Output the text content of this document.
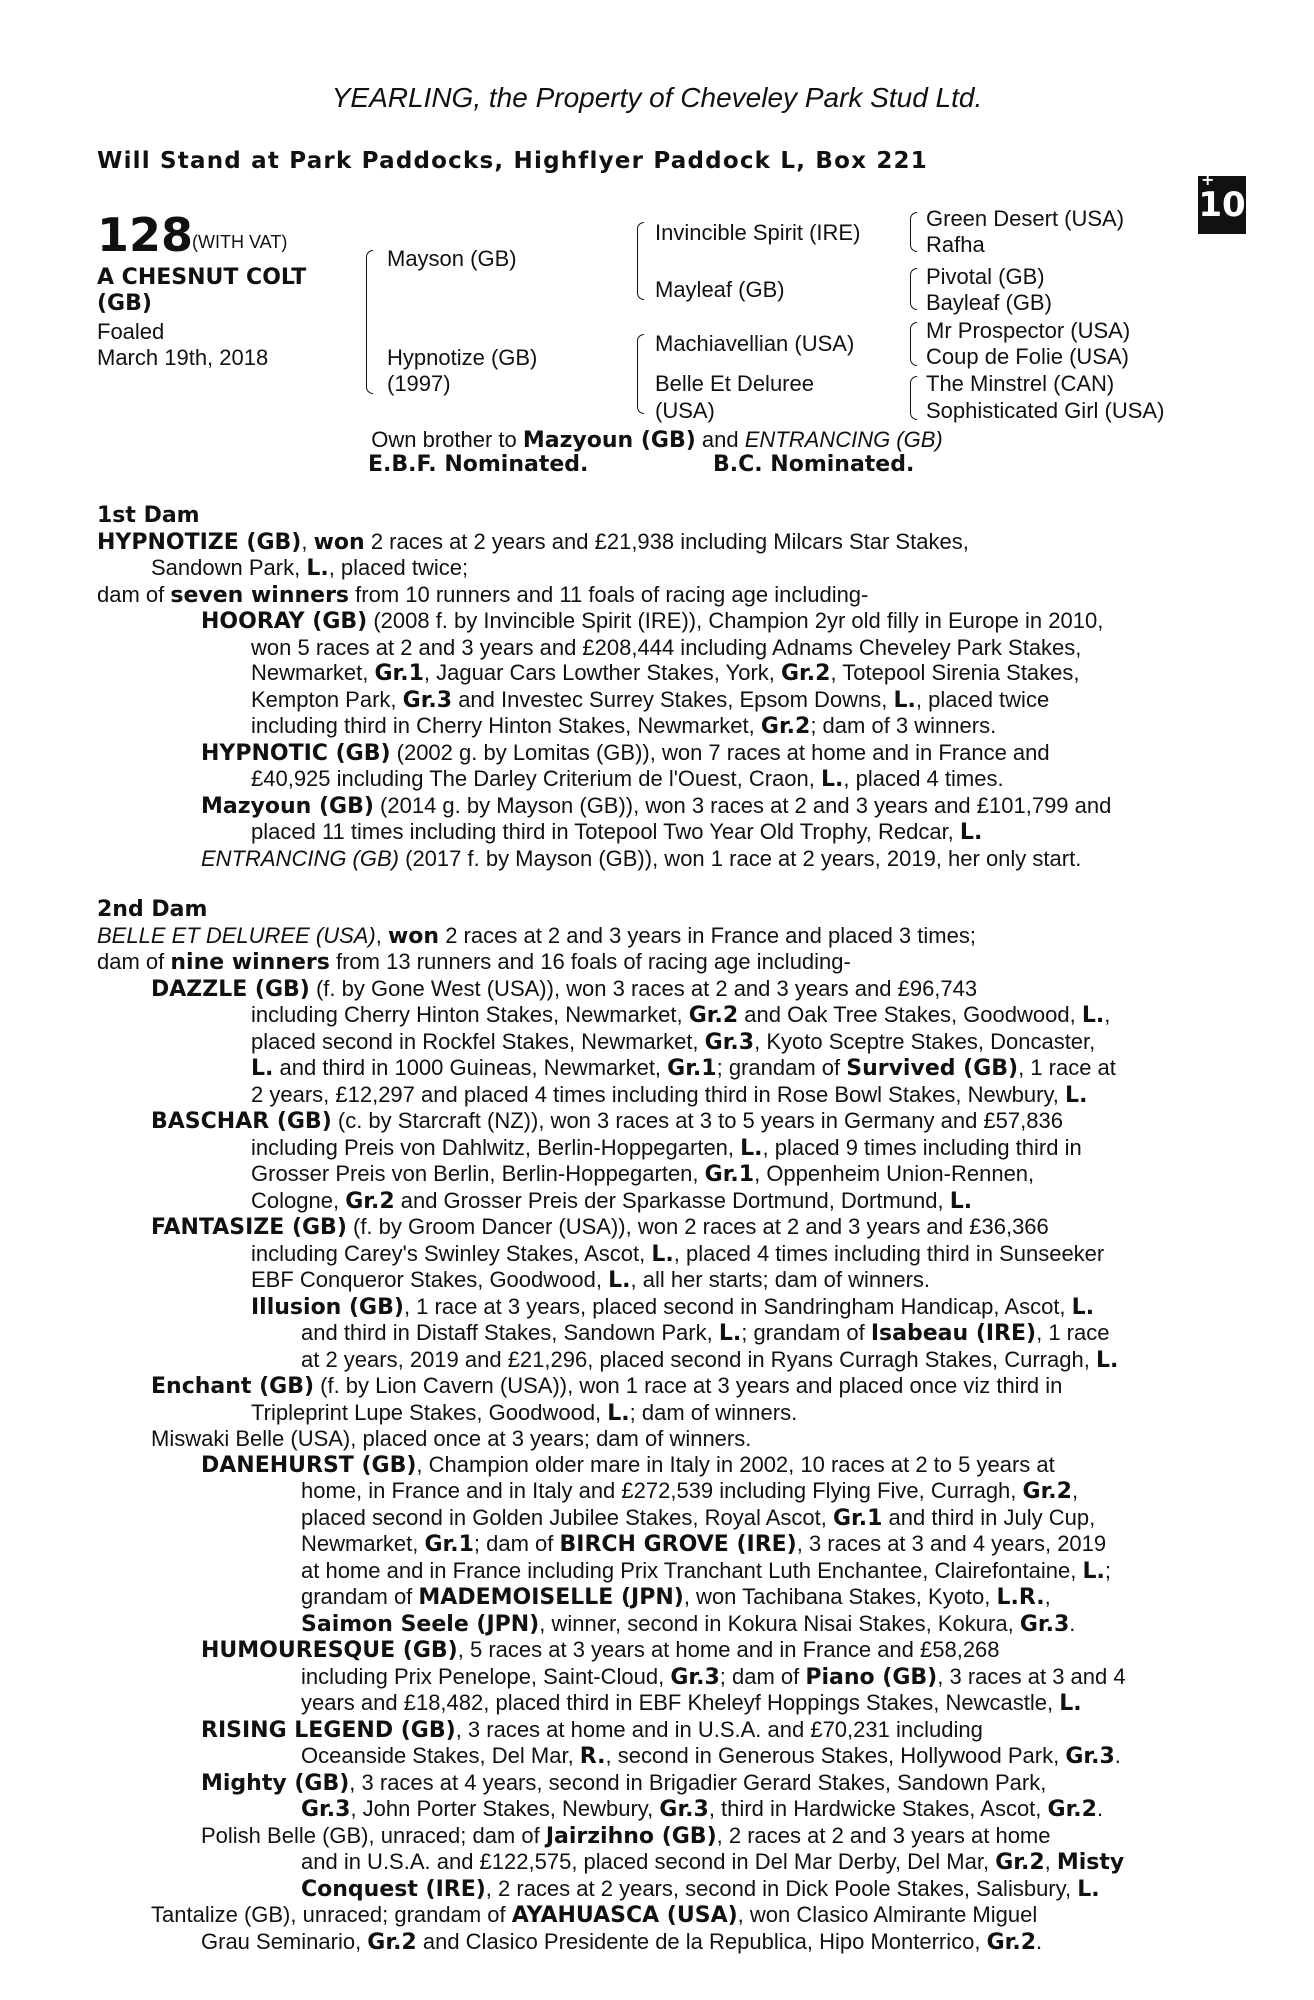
YEARLING, the Property of Cheveley Park Stud Ltd.
Will Stand at Park Paddocks, Highflyer Paddock L, Box 221
+
10
128
(WITH VAT)
A CHESNUT COLT
(GB)
Foaled
March 19th, 2018
Mayson (GB)
Hypnotize (GB)
(1997)
Invincible Spirit (IRE)
Mayleaf (GB)
Machiavellian (USA)
Belle Et Deluree
(USA)
Green Desert (USA)
Rafha
Pivotal (GB)
Bayleaf (GB)
Mr Prospector (USA)
Coup de Folie (USA)
The Minstrel (CAN)
Sophisticated Girl (USA)
Own brother to Mazyoun (GB) and ENTRANCING (GB)
E.B.F. Nominated.	B.C. Nominated.

1st Dam

HYPNOTIZE (GB), won 2 races at 2 years and £21,938 including Milcars Star Stakes,

Sandown Park, L., placed twice;

dam of seven winners from 10 runners and 11 foals of racing age including-

HOORAY (GB) (2008 f. by Invincible Spirit (IRE)), Champion 2yr old filly in Europe in 2010,

won 5 races at 2 and 3 years and £208,444 including Adnams Cheveley Park Stakes,

Newmarket, Gr.1, Jaguar Cars Lowther Stakes, York, Gr.2, Totepool Sirenia Stakes,

Kempton Park, Gr.3 and Investec Surrey Stakes, Epsom Downs, L., placed twice

including third in Cherry Hinton Stakes, Newmarket, Gr.2; dam of 3 winners.

HYPNOTIC (GB) (2002 g. by Lomitas (GB)), won 7 races at home and in France and

£40,925 including The Darley Criterium de l'Ouest, Craon, L., placed 4 times.

Mazyoun (GB) (2014 g. by Mayson (GB)), won 3 races at 2 and 3 years and £101,799 and

placed 11 times including third in Totepool Two Year Old Trophy, Redcar, L.

ENTRANCING (GB) (2017 f. by Mayson (GB)), won 1 race at 2 years, 2019, her only start.

2nd Dam

BELLE ET DELUREE (USA), won 2 races at 2 and 3 years in France and placed 3 times;

dam of nine winners from 13 runners and 16 foals of racing age including-

DAZZLE (GB) (f. by Gone West (USA)), won 3 races at 2 and 3 years and £96,743

including Cherry Hinton Stakes, Newmarket, Gr.2 and Oak Tree Stakes, Goodwood, L.,

placed second in Rockfel Stakes, Newmarket, Gr.3, Kyoto Sceptre Stakes, Doncaster,

L. and third in 1000 Guineas, Newmarket, Gr.1; grandam of Survived (GB), 1 race at

2 years, £12,297 and placed 4 times including third in Rose Bowl Stakes, Newbury, L.

BASCHAR (GB) (c. by Starcraft (NZ)), won 3 races at 3 to 5 years in Germany and £57,836

including Preis von Dahlwitz, Berlin-Hoppegarten, L., placed 9 times including third in

Grosser Preis von Berlin, Berlin-Hoppegarten, Gr.1, Oppenheim Union-Rennen,

Cologne, Gr.2 and Grosser Preis der Sparkasse Dortmund, Dortmund, L.

FANTASIZE (GB) (f. by Groom Dancer (USA)), won 2 races at 2 and 3 years and £36,366

including Carey's Swinley Stakes, Ascot, L., placed 4 times including third in Sunseeker

EBF Conqueror Stakes, Goodwood, L., all her starts; dam of winners.

Illusion (GB), 1 race at 3 years, placed second in Sandringham Handicap, Ascot, L.

and third in Distaff Stakes, Sandown Park, L.; grandam of Isabeau (IRE), 1 race

at 2 years, 2019 and £21,296, placed second in Ryans Curragh Stakes, Curragh, L.

Enchant (GB) (f. by Lion Cavern (USA)), won 1 race at 3 years and placed once viz third in

Tripleprint Lupe Stakes, Goodwood, L.; dam of winners.

Miswaki Belle (USA), placed once at 3 years; dam of winners.

DANEHURST (GB), Champion older mare in Italy in 2002, 10 races at 2 to 5 years at

home, in France and in Italy and £272,539 including Flying Five, Curragh, Gr.2,

placed second in Golden Jubilee Stakes, Royal Ascot, Gr.1 and third in July Cup,

Newmarket, Gr.1; dam of BIRCH GROVE (IRE), 3 races at 3 and 4 years, 2019

at home and in France including Prix Tranchant Luth Enchantee, Clairefontaine, L.;

grandam of MADEMOISELLE (JPN), won Tachibana Stakes, Kyoto, L.R.,

Saimon Seele (JPN), winner, second in Kokura Nisai Stakes, Kokura, Gr.3.

HUMOURESQUE (GB), 5 races at 3 years at home and in France and £58,268

including Prix Penelope, Saint-Cloud, Gr.3; dam of Piano (GB), 3 races at 3 and 4

years and £18,482, placed third in EBF Kheleyf Hoppings Stakes, Newcastle, L.

RISING LEGEND (GB), 3 races at home and in U.S.A. and £70,231 including

Oceanside Stakes, Del Mar, R., second in Generous Stakes, Hollywood Park, Gr.3.

Mighty (GB), 3 races at 4 years, second in Brigadier Gerard Stakes, Sandown Park,

Gr.3, John Porter Stakes, Newbury, Gr.3, third in Hardwicke Stakes, Ascot, Gr.2.

Polish Belle (GB), unraced; dam of Jairzihno (GB), 2 races at 2 and 3 years at home

and in U.S.A. and £122,575, placed second in Del Mar Derby, Del Mar, Gr.2, Misty

Conquest (IRE), 2 races at 2 years, second in Dick Poole Stakes, Salisbury, L.

Tantalize (GB), unraced; grandam of AYAHUASCA (USA), won Clasico Almirante Miguel

Grau Seminario, Gr.2 and Clasico Presidente de la Republica, Hipo Monterrico, Gr.2.
